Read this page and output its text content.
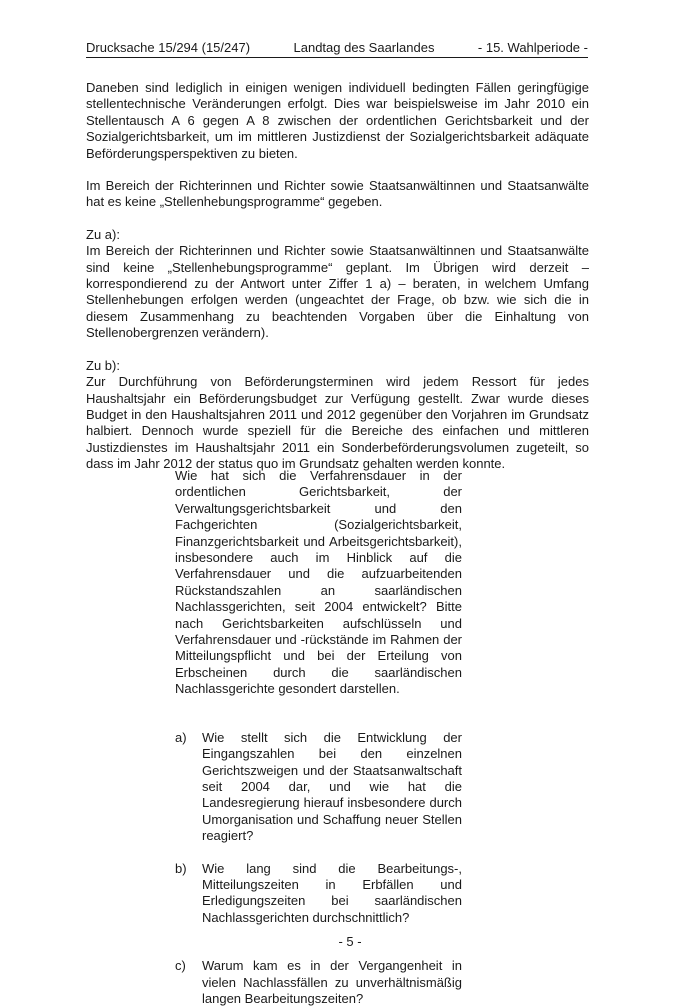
Drucksache 15/294 (15/247)	Landtag des Saarlandes	- 15. Wahlperiode -

Daneben sind lediglich in einigen wenigen individuell bedingten Fällen geringfügige stellentechnische Veränderungen erfolgt. Dies war beispielsweise im Jahr 2010 ein Stellentausch A 6 gegen A 8 zwischen der ordentlichen Gerichtsbarkeit und der Sozialgerichtsbarkeit, um im mittleren Justizdienst der Sozialgerichtsbarkeit adäquate Beförderungsperspektiven zu bieten.

Im Bereich der Richterinnen und Richter sowie Staatsanwältinnen und Staatsanwälte hat es keine „Stellenhebungsprogramme“ gegeben.

Zu a):

Im Bereich der Richterinnen und Richter sowie Staatsanwältinnen und Staatsanwälte sind keine „Stellenhebungsprogramme“ geplant. Im Übrigen wird derzeit – korrespondierend zu der Antwort unter Ziffer 1 a) – beraten, in welchem Umfang Stellenhebungen erfolgen werden (ungeachtet der Frage, ob bzw. wie sich die in diesem Zusammenhang zu beachtenden Vorgaben über die Einhaltung von Stellenobergrenzen verändern).

Zu b):

Zur Durchführung von Beförderungsterminen wird jedem Ressort für jedes Haushaltsjahr ein Beförderungsbudget zur Verfügung gestellt. Zwar wurde dieses Budget in den Haushaltsjahren 2011 und 2012 gegenüber den Vorjahren im Grundsatz halbiert. Dennoch wurde speziell für die Bereiche des einfachen und mittleren Justizdienstes im Haushaltsjahr 2011 ein Sonderbeförderungsvolumen zugeteilt, so dass im Jahr 2012 der status quo im Grundsatz gehalten werden konnte.

Wie hat sich die Verfahrensdauer in der ordentlichen Gerichtsbarkeit, der Verwaltungsgerichtsbarkeit und den Fachgerichten (Sozialgerichtsbarkeit, Finanzgerichtsbarkeit und Arbeitsgerichtsbarkeit), insbesondere auch im Hinblick auf die Verfahrensdauer und die aufzuarbeitenden Rückstandszahlen an saarländischen Nachlassgerichten, seit 2004 entwickelt? Bitte nach Gerichtsbarkeiten aufschlüsseln und Verfahrensdauer und -rückstände im Rahmen der Mitteilungspflicht und bei der Erteilung von Erbscheinen durch die saarländischen Nachlassgerichte gesondert darstellen.

a)	Wie stellt sich die Entwicklung der Eingangszahlen bei den einzelnen Gerichtszweigen und der Staatsanwaltschaft seit 2004 dar, und wie hat die Landesregierung hierauf insbesondere durch Umorganisation und Schaffung neuer Stellen reagiert?
b)	Wie lang sind die Bearbeitungs-, Mitteilungszeiten in Erbfällen und Erledigungszeiten bei saarländischen Nachlassgerichten durchschnittlich?
c)	Warum kam es in der Vergangenheit in vielen Nachlassfällen zu unverhältnismäßig langen Bearbeitungszeiten?
- 5 -
